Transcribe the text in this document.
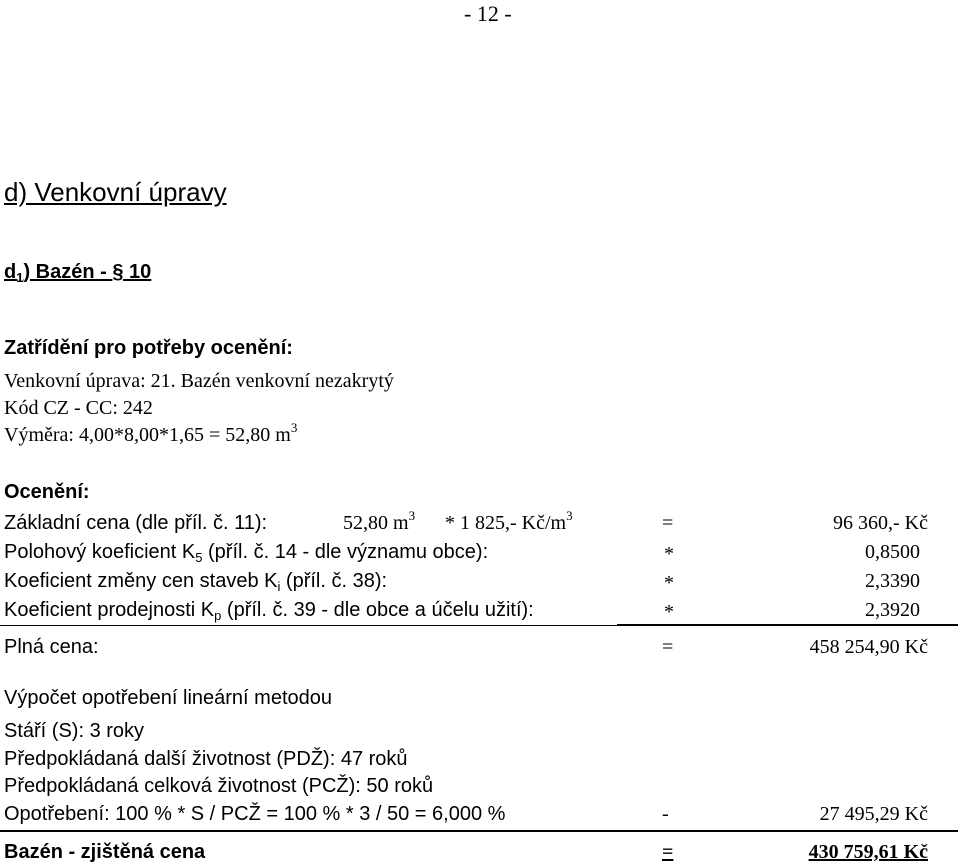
- 12 -
d) Venkovní úpravy
$d_1$) Bazén - § 10
Zatřídění pro potřeby ocenění:
Venkovní úprava: 21. Bazén venkovní nezakrytý
Kód CZ - CC: 242
Výměra: 4,00*8,00*1,65 = 52,80 $m^3$
Ocenění:
Základní cena (dle příl. č. 11):	52,80 $m^3 * 1$ 825,- $Kč/m^3$	=	96 360,- Kč
Polohový koeficient $K_5$ (příl. č. 14 - dle významu obce):	*	0,8500
Koeficient změny cen staveb $K_i$ (příl. č. 38):	*	2,3390
Koeficient prodejnosti $K_p$ (příl. č. 39 - dle obce a účelu užití):	*	2,3920
Plná cena:	=	458 254,90 Kč
Výpočet opotřebení lineární metodou
Stáří (S): 3 roky
Předpokládaná další životnost (PDŽ): 47 roků
Předpokládaná celková životnost (PCŽ): 50 roků
Opotřebení: 100 % * S / PCŽ = 100 % * 3 / 50 = 6,000 %	-	27 495,29 Kč
Bazén - zjištěná cena	=	430 759,61 Kč
